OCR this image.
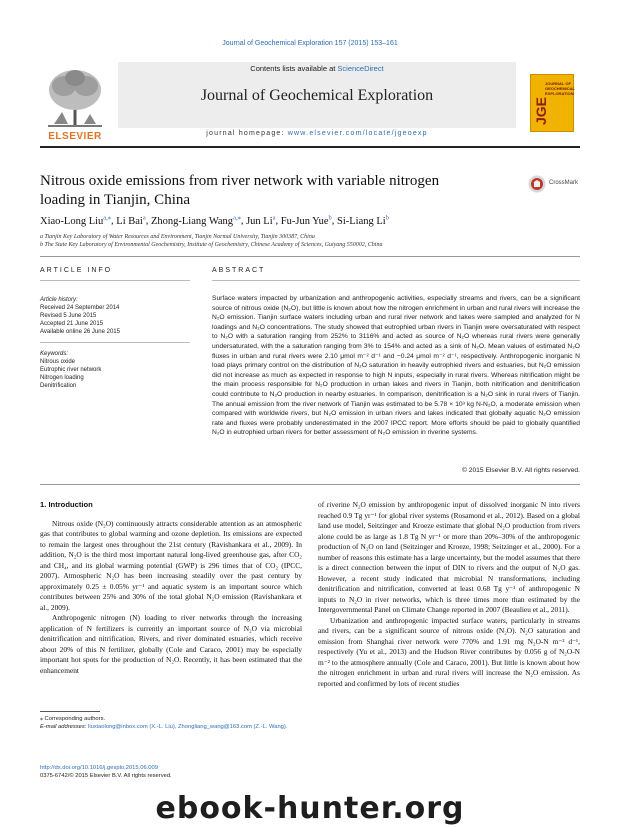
Journal of Geochemical Exploration 157 (2015) 153–161
ELSEVIER
Contents lists available at ScienceDirect
Journal of Geochemical Exploration
journal homepage: www.elsevier.com/locate/jgeoexp
JGE
JOURNAL OF GEOCHEMICAL EXPLORATION
Nitrous oxide emissions from river network with variable nitrogen loading in Tianjin, China
CrossMark
Xiao-Long Liu$^{a,⁎}$, Li Bai$^a$, Zhong-Liang Wang$^{a,⁎}$, Jun Li$^a$, Fu-Jun Yue$^b$, Si-Liang Li$^b$
a Tianjin Key Laboratory of Water Resources and Environment, Tianjin Normal University, Tianjin 300387, China
b The State Key Laboratory of Environmental Geochemistry, Institute of Geochemistry, Chinese Academy of Sciences, Guiyang 550002, China
ARTICLE INFO
Article history:
Received 24 September 2014
Revised 5 June 2015
Accepted 21 June 2015
Available online 26 June 2015
Keywords:
Nitrous oxide
Eutrophic river network
Nitrogen loading
Denitrification
ABSTRACT
Surface waters impacted by urbanization and anthropogenic activities, especially streams and rivers, can be a significant source of nitrous oxide (N₂O), but little is known about how the nitrogen enrichment in urban and rural rivers will increase the N₂O emission. Tianjin surface waters including urban and rural river network and lakes were sampled and analyzed for N loadings and N₂O concentrations. The study showed that eutrophied urban rivers in Tianjin were oversaturated with respect to N₂O with a saturation ranging from 252% to 3116% and acted as source of N₂O whereas rural rivers were generally undersaturated, with the a saturation ranging from 3% to 154% and acted as a sink of N₂O. Mean values of estimated N₂O fluxes in urban and rural rivers were 2.10 μmol m⁻² d⁻¹ and −0.24 μmol m⁻² d⁻¹, respectively. Anthropogenic inorganic N load plays primary control on the distribution of N₂O saturation in heavily eutrophied rivers and estuaries, but N₂O emission did not increase as much as expected in response to high N inputs, especially in rural rivers. Whereas nitrification might be the main process responsible for N₂O production in urban lakes and rivers in Tianjin, both nitrification and denitrification could contribute to N₂O production in nearby estuaries. In comparison, denitrification is a N₂O sink in rural rivers of Tianjin. The annual emission from the river network of Tianjin was estimated to be 5.78 × 10³ kg N-N₂O, a moderate emission when compared with worldwide rivers, but N₂O emission in urban rivers and lakes indicated that globally aquatic N₂O emission rate and fluxes were probably underestimated in the 2007 IPCC report. More efforts should be paid to globally quantified N₂O in eutrophied urban rivers for better assessment of N₂O emission in riverine systems.
© 2015 Elsevier B.V. All rights reserved.
1. Introduction

Nitrous oxide (N₂O) continuously attracts considerable attention as an atmospheric gas that contributes to global warming and ozone depletion. Its emissions are expected to remain the largest ones throughout the 21st century (Ravishankara et al., 2009). In addition, N₂O is the third most important natural long-lived greenhouse gas, after CO₂ and CH₄, and its global warming potential (GWP) is 296 times that of CO₂ (IPCC, 2007). Atmospheric N₂O has been increasing steadily over the past century by approximately 0.25 ± 0.05% yr⁻¹ and aquatic system is an important source which contributes between 25% and 30% of the total global N₂O emission (Ravishankara et al., 2009).

Anthropogenic nitrogen (N) loading to river networks through the increasing application of N fertilizers is currently an important source of N₂O via microbial denitrification and nitrification. Rivers, and river dominated estuaries, which receive about 20% of this N fertilizer, globally (Cole and Caraco, 2001) may be especially important hot spots for the production of N₂O. Recently, it has been estimated that the enhancement

of riverine N₂O emission by anthropogenic input of dissolved inorganic N into rivers reached 0.9 Tg yr⁻¹ for global river systems (Rosamond et al., 2012). Based on a global land use model, Seitzinger and Kroeze estimate that global N₂O production from rivers alone could be as large as 1.8 Tg N yr⁻¹ or more than 20%–30% of the anthropogenic production of N₂O on land (Seitzinger and Kroeze, 1998; Seitzinger et al., 2000). For a number of reasons this estimate has a large uncertainty, but the model assumes that there is a direct connection between the input of DIN to rivers and the output of N₂O gas. However, a recent study indicated that microbial N transformations, including denitrification and nitrification, converted at least 0.68 Tg y⁻¹ of anthropogenic N inputs to N₂O in river networks, which is three times more than estimated by the Intergovernmental Panel on Climate Change reported in 2007 (Beaulieu et al., 2011).

Urbanization and anthropogenic impacted surface waters, particularly in streams and rivers, can be a significant source of nitrous oxide (N₂O). N₂O saturation and emission from Shanghai river network were 770% and 1.91 mg N₂O-N m⁻² d⁻¹, respectively (Yu et al., 2013) and the Hudson River contributes by 0.056 g of N₂O-N m⁻² to the atmosphere annually (Cole and Caraco, 2001). But little is known about how the nitrogen enrichment in urban and rural rivers will increase the N₂O emission. As reported and confirmed by lots of recent studies

⁎ Corresponding authors.
E-mail addresses: liuxiaolong@inbox.com (X.-L. Liu), Zhongliang_wang@163.com (Z.-L. Wang).
http://dx.doi.org/10.1016/j.gexplo.2015.06.009
0375-6742/© 2015 Elsevier B.V. All rights reserved.
ebook-hunter.org
